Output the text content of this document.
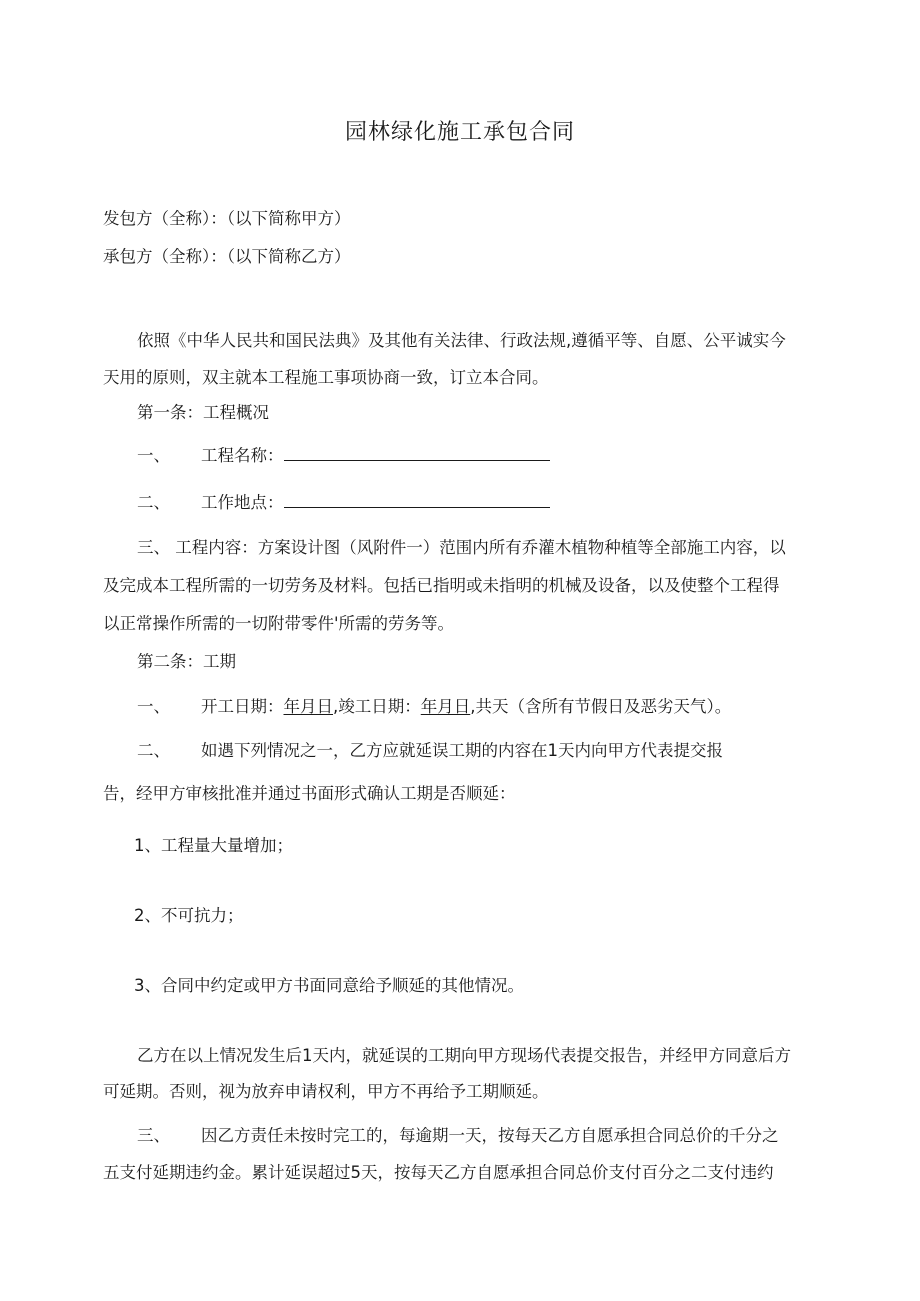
园林绿化施工承包合同
发包方（全称）：（以下简称甲方）
承包方（全称）：（以下简称乙方）
依照《中华人民共和国民法典》及其他有关法律、行政法规,遵循平等、自愿、公平诚实今
天用的原则，双主就本工程施工事项协商一致，订立本合同。
第一条：工程概况
一、 工程名称：
二、 工作地点：
三、 工程内容：方案设计图（风附件一）范围内所有乔灌木植物种植等全部施工内容，以
及完成本工程所需的一切劳务及材料。包括已指明或未指明的机械及设备，以及使整个工程得
以正常操作所需的一切附带零件'所需的劳务等。
第二条：工期
一、 开工日期：年月日,竣工日期：年月日,共天（含所有节假日及恶劣天气）。
二、 如遇下列情况之一，乙方应就延误工期的内容在1天内向甲方代表提交报
告，经甲方审核批准并通过书面形式确认工期是否顺延：
1、工程量大量增加；
2、不可抗力；
3、合同中约定或甲方书面同意给予顺延的其他情况。
乙方在以上情况发生后1天内，就延误的工期向甲方现场代表提交报告，并经甲方同意后方
可延期。否则，视为放弃申请权利，甲方不再给予工期顺延。
三、 因乙方责任未按时完工的，每逾期一天，按每天乙方自愿承担合同总价的千分之
五支付延期违约金。累计延误超过5天，按每天乙方自愿承担合同总价支付百分之二支付违约
